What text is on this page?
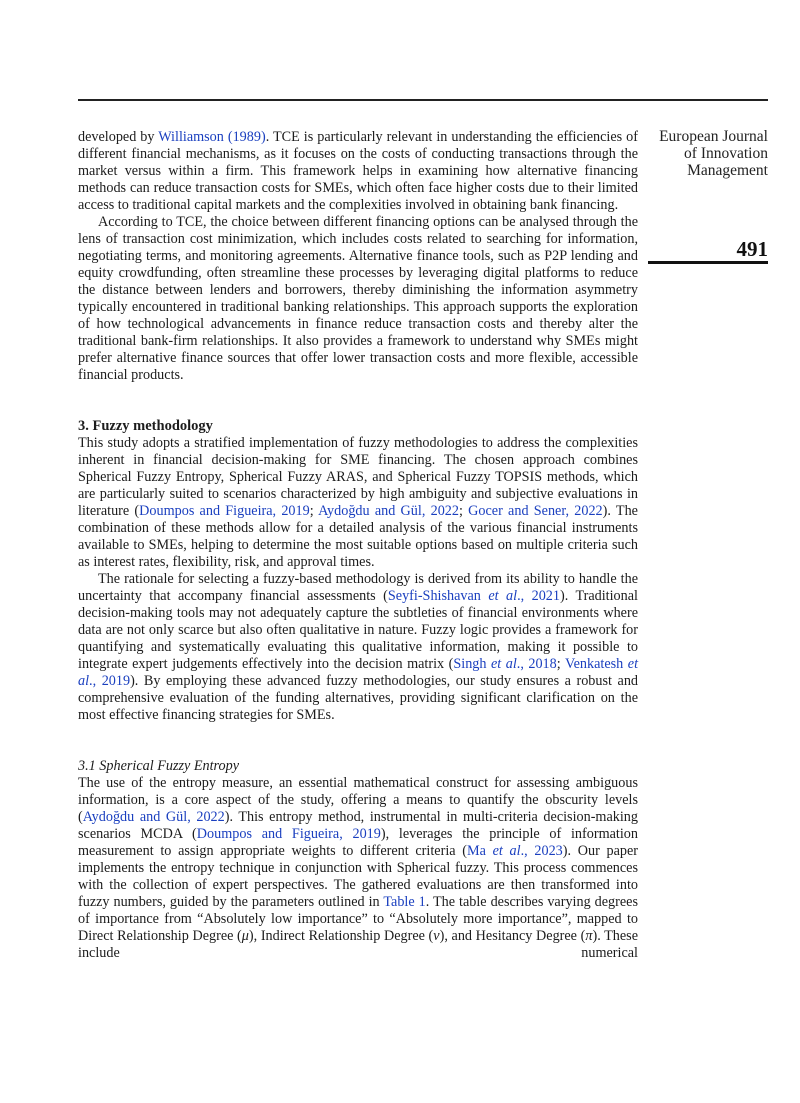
European Journal
of Innovation
Management
491

developed by Williamson (1989). TCE is particularly relevant in understanding the efficiencies of different financial mechanisms, as it focuses on the costs of conducting transactions through the market versus within a firm. This framework helps in examining how alternative financing methods can reduce transaction costs for SMEs, which often face higher costs due to their limited access to traditional capital markets and the complexities involved in obtaining bank financing.

According to TCE, the choice between different financing options can be analysed through the lens of transaction cost minimization, which includes costs related to searching for information, negotiating terms, and monitoring agreements. Alternative finance tools, such as P2P lending and equity crowdfunding, often streamline these processes by leveraging digital platforms to reduce the distance between lenders and borrowers, thereby diminishing the information asymmetry typically encountered in traditional banking relationships. This approach supports the exploration of how technological advancements in finance reduce transaction costs and thereby alter the traditional bank-firm relationships. It also provides a framework to understand why SMEs might prefer alternative finance sources that offer lower transaction costs and more flexible, accessible financial products.

3. Fuzzy methodology

This study adopts a stratified implementation of fuzzy methodologies to address the complexities inherent in financial decision-making for SME financing. The chosen approach combines Spherical Fuzzy Entropy, Spherical Fuzzy ARAS, and Spherical Fuzzy TOPSIS methods, which are particularly suited to scenarios characterized by high ambiguity and subjective evaluations in literature (Doumpos and Figueira, 2019; Aydoğdu and Gül, 2022; Gocer and Sener, 2022). The combination of these methods allow for a detailed analysis of the various financial instruments available to SMEs, helping to determine the most suitable options based on multiple criteria such as interest rates, flexibility, risk, and approval times.

The rationale for selecting a fuzzy-based methodology is derived from its ability to handle the uncertainty that accompany financial assessments (Seyfi-Shishavan et al., 2021). Traditional decision-making tools may not adequately capture the subtleties of financial environments where data are not only scarce but also often qualitative in nature. Fuzzy logic provides a framework for quantifying and systematically evaluating this qualitative information, making it possible to integrate expert judgements effectively into the decision matrix (Singh et al., 2018; Venkatesh et al., 2019). By employing these advanced fuzzy methodologies, our study ensures a robust and comprehensive evaluation of the funding alternatives, providing significant clarification on the most effective financing strategies for SMEs.

3.1 Spherical Fuzzy Entropy

The use of the entropy measure, an essential mathematical construct for assessing ambiguous information, is a core aspect of the study, offering a means to quantify the obscurity levels (Aydoğdu and Gül, 2022). This entropy method, instrumental in multi-criteria decision-making scenarios MCDA (Doumpos and Figueira, 2019), leverages the principle of information measurement to assign appropriate weights to different criteria (Ma et al., 2023). Our paper implements the entropy technique in conjunction with Spherical fuzzy. This process commences with the collection of expert perspectives. The gathered evaluations are then transformed into fuzzy numbers, guided by the parameters outlined in Table 1. The table describes varying degrees of importance from “Absolutely low importance” to “Absolutely more importance”, mapped to Direct Relationship Degree (μ), Indirect Relationship Degree (v), and Hesitancy Degree (π). These include numerical
